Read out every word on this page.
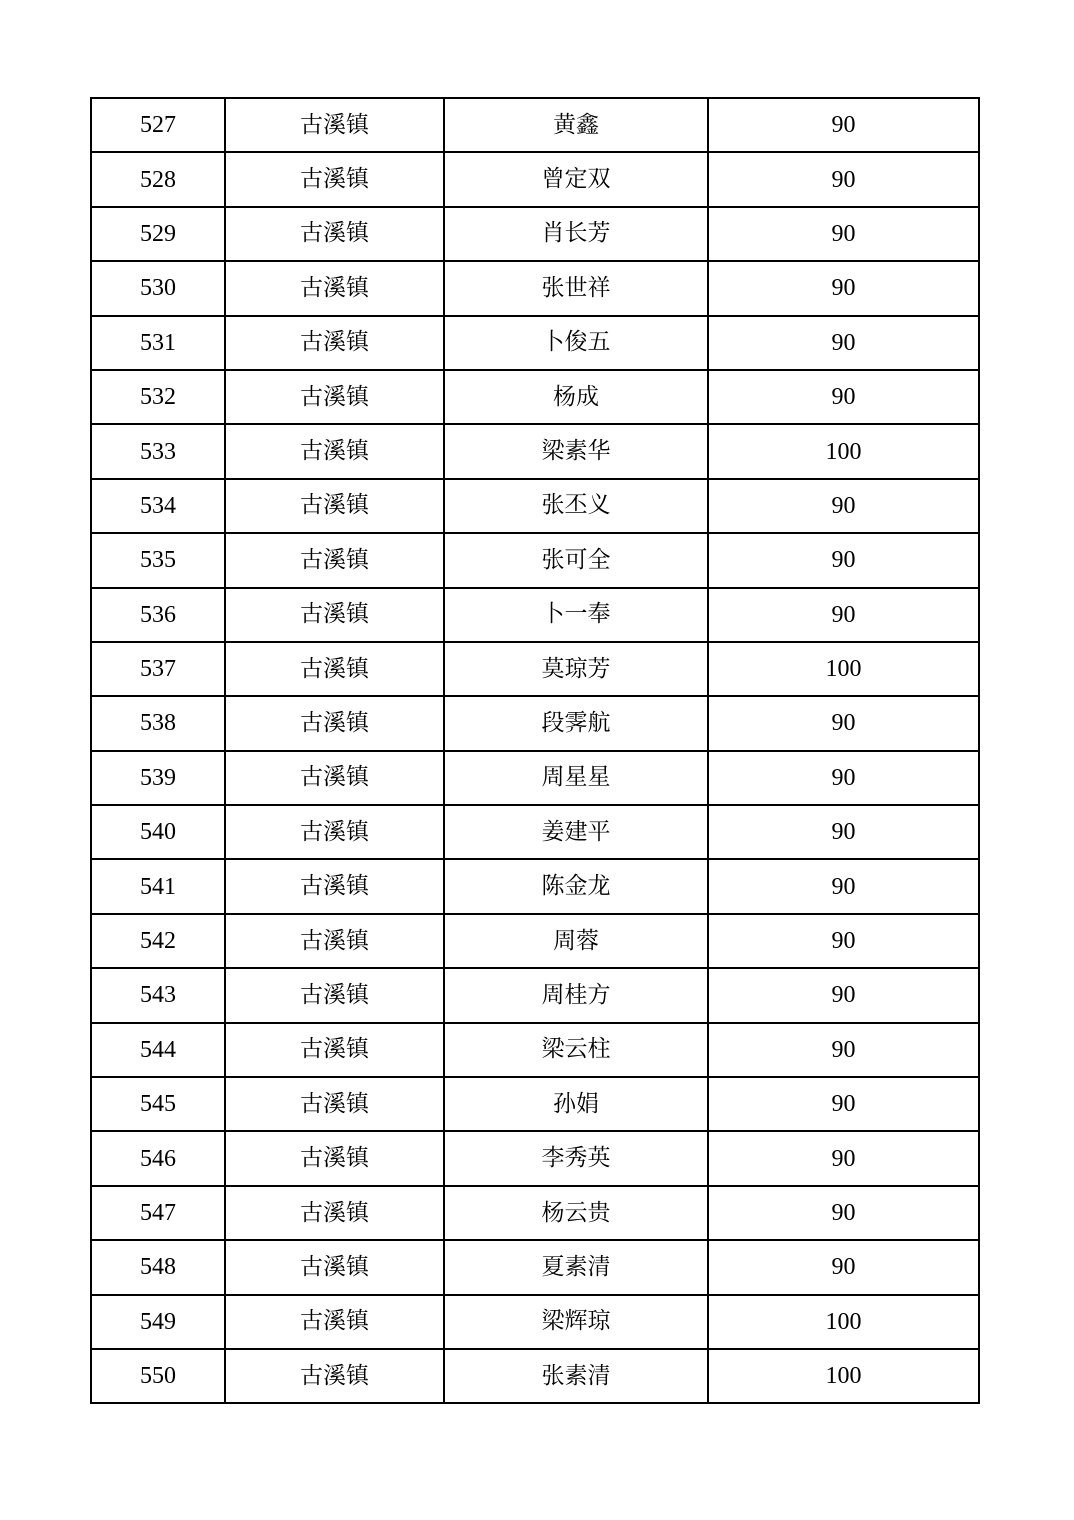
527	古溪镇	黄鑫	90
528	古溪镇	曾定双	90
529	古溪镇	肖长芳	90
530	古溪镇	张世祥	90
531	古溪镇	卜俊五	90
532	古溪镇	杨成	90
533	古溪镇	梁素华	100
534	古溪镇	张丕义	90
535	古溪镇	张可全	90
536	古溪镇	卜一奉	90
537	古溪镇	莫琼芳	100
538	古溪镇	段霁航	90
539	古溪镇	周星星	90
540	古溪镇	姜建平	90
541	古溪镇	陈金龙	90
542	古溪镇	周蓉	90
543	古溪镇	周桂方	90
544	古溪镇	梁云柱	90
545	古溪镇	孙娟	90
546	古溪镇	李秀英	90
547	古溪镇	杨云贵	90
548	古溪镇	夏素清	90
549	古溪镇	梁辉琼	100
550	古溪镇	张素清	100
